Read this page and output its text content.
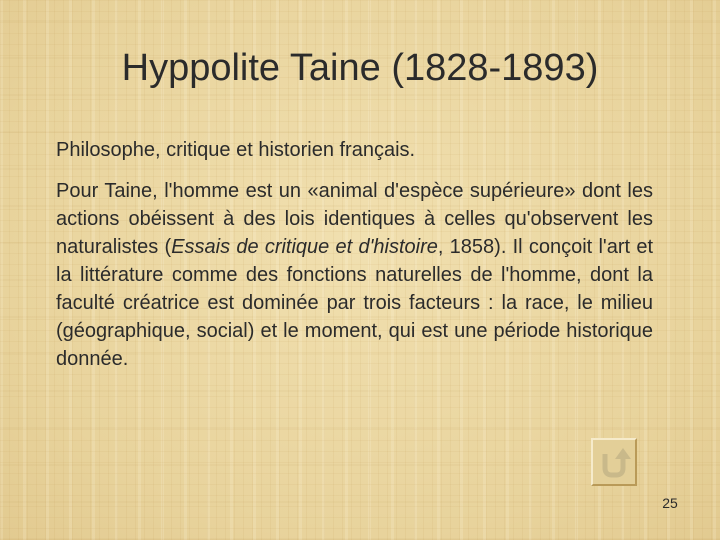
Hyppolite Taine (1828-1893)

Philosophe, critique et historien français.

Pour Taine, l'homme est un «animal d'espèce supérieure» dont les actions obéissent à des lois identiques à celles qu'observent les naturalistes (Essais de critique et d'histoire, 1858). Il conçoit l'art et la littérature comme des fonctions naturelles de l'homme, dont la faculté créatrice est dominée par trois facteurs : la race, le milieu (géographique, social) et le moment, qui est une période historique donnée.

25
